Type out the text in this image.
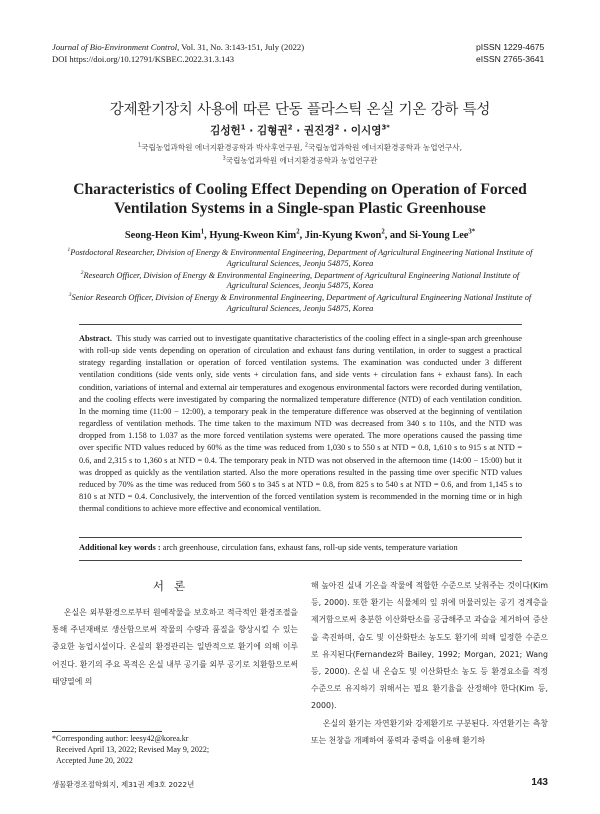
Journal of Bio-Environment Control, Vol. 31, No. 3:143-151, July (2022)
DOI https://doi.org/10.12791/KSBEC.2022.31.3.143
pISSN 1229-4675
eISSN 2765-3641
강제환기장치 사용에 따른 단동 플라스틱 온실 기온 강하 특성
김성헌$^1$ · 김형권$^2$ · 권진경$^2$ · 이시영$^{3*}$
$^1$국립농업과학원 에너지환경공학과 박사후연구원, $^2$국립농업과학원 에너지환경공학과 농업연구사,
$^3$국립농업과학원 에너지환경공학과 농업연구관
Characteristics of Cooling Effect Depending on Operation of Forced
Ventilation Systems in a Single-span Plastic Greenhouse
Seong-Heon Kim$^1$, Hyung-Kweon Kim$^2$, Jin-Kyung Kwon$^2$, and Si-Young Lee$^{3*}$
$^1$Postdoctoral Researcher, Division of Energy & Environmental Engineering, Department of Agricultural Engineering National Institute of Agricultural Sciences, Jeonju 54875, Korea
$^2$Research Officer, Division of Energy & Environmental Engineering, Department of Agricultural Engineering National Institute of Agricultural Sciences, Jeonju 54875, Korea
$^3$Senior Research Officer, Division of Energy & Environmental Engineering, Department of Agricultural Engineering National Institute of Agricultural Sciences, Jeonju 54875, Korea
Abstract. This study was carried out to investigate quantitative characteristics of the cooling effect in a single-span arch greenhouse with roll-up side vents depending on operation of circulation and exhaust fans during ventilation, in order to suggest a practical strategy regarding installation or operation of forced ventilation systems. The examination was conducted under 3 different ventilation conditions (side vents only, side vents + circulation fans, and side vents + circulation fans + exhaust fans). In each condition, variations of internal and external air temperatures and exogenous environmental factors were recorded during ventilation, and the cooling effects were investigated by comparing the normalized temperature difference (NTD) of each ventilation condition. In the morning time (11:00 − 12:00), a temporary peak in the temperature difference was observed at the beginning of ventilation regardless of ventilation methods. The time taken to the maximum NTD was decreased from 340 s to 110s, and the NTD was dropped from 1.158 to 1.037 as the more forced ventilation systems were operated. The more operations caused the passing time over specific NTD values reduced by 60% as the time was reduced from 1,030 s to 550 s at NTD = 0.8, 1,610 s to 915 s at NTD = 0.6, and 2,315 s to 1,360 s at NTD = 0.4. The temporary peak in NTD was not observed in the afternoon time (14:00 − 15:00) but it was dropped as quickly as the ventilation started. Also the more operations resulted in the passing time over specific NTD values reduced by 70% as the time was reduced from 560 s to 345 s at NTD = 0.8, from 825 s to 540 s at NTD = 0.6, and from 1,145 s to 810 s at NTD = 0.4. Conclusively, the intervention of the forced ventilation system is recommended in the morning time or in high thermal conditions to achieve more effective and economical ventilation.
Additional key words : arch greenhouse, circulation fans, exhaust fans, roll-up side vents, temperature variation
서론

온실은 외부환경으로부터 원예작물을 보호하고 적극적인 환경조절을 통해 주년재배로 생산함으로써 작물의 수량과 품질을 향상시킬 수 있는 중요한 농업시설이다. 온실의 환경관리는 일반적으로 환기에 의해 이루어진다. 환기의 주요 목적은 온실 내부 공기를 외부 공기로 치환함으로써 태양열에 의

해 높아진 실내 기온을 작물에 적합한 수준으로 낮춰주는 것이다(Kim 등, 2000). 또한 환기는 식물체의 잎 위에 머물러있는 공기 경계층을 제거함으로써 충분한 이산화탄소를 공급해주고 과습을 제거하여 증산을 촉진하며, 습도 및 이산화탄소 농도도 환기에 의해 일정한 수준으로 유지된다(Fernandez와 Bailey, 1992; Morgan, 2021; Wang 등, 2000). 온실 내 온습도 및 이산화탄소 농도 등 환경요소를 적정 수준으로 유지하기 위해서는 필요 환기율을 산정해야 한다(Kim 등, 2000).

온실의 환기는 자연환기와 강제환기로 구분된다. 자연환기는 측창 또는 천창을 개폐하여 풍력과 중력을 이용해 환기하

*Corresponding author: leesy42@korea.kr
Received April 13, 2022; Revised May 9, 2022;
Accepted June 20, 2022
생물환경조절학회지, 제31권 제3호 2022년	143
